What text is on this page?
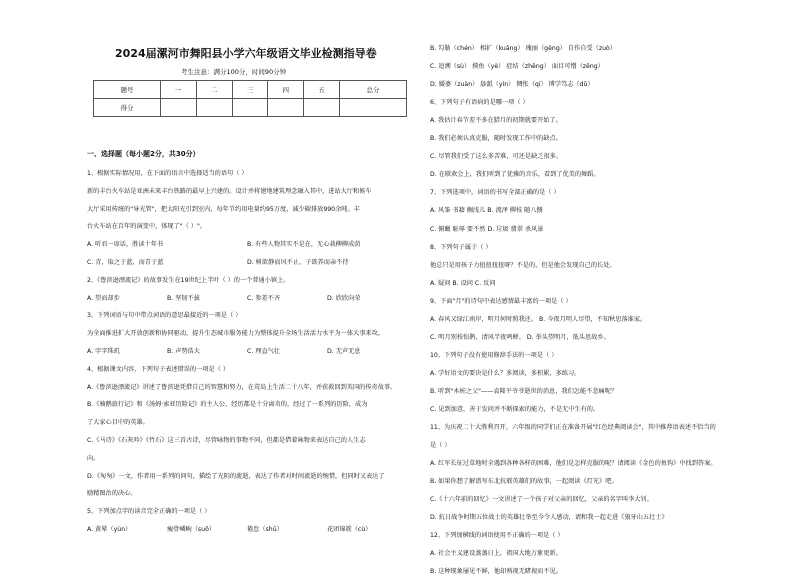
2024届漯河市舞阳县小学六年级语文毕业检测指导卷
考生注意：满分100分，时间90分钟
题号	一	二	三	四	五	总分
得分						
一、选择题（每小题2分，共30分）
1、根据实际情况用，在下面的语言中选择适当的语句（ ）
新的丰台火车站是亚洲未来丰台铁路的最早上兴建的。设计并将建地建筑理念融入其中，进站大厅和候车
大厅采用传统的"导光管"，把太阳光引到室内，每年节约用电量约95万度，减少碳排放990余吨。丰
台火车站在百年的演变中，体现了"（ ）"。
A. 听君一席话，胜读十年书	B. 有些人物其实不是在，无心栽柳柳成荫
C. 青，取之于蓝，而青于蓝	D. 树欲静而风不止，子欲养而亲不待
2、《鲁滨逊漂流记》的故事发生在19世纪上半叶（ ）的一个普通小镇上。
A. 望而却步	B. 坚韧不拔	C. 参差不齐	D. 欣欣向荣
3、下列词语与句中带点词语的意思最接近的一项是（ ）
为全面推进扩大开放创新和协同驱动，提升生态城市服务能力为整体提升全场生活活力水平为一体大事来攻。
A. 字字珠玑	B. 声势浩大	C. 理直气壮	D. 无声无息
4、根据课文内容，下列句子表述错误的一项是（ ）
A.《鲁滨逊漂流记》讲述了鲁滨逊凭借自己的智慧和努力，在荒岛上生活二十八年，并获救回到英国的传奇故事。
B.《骑鹅旅行记》和《汤姆·索亚历险记》的主人公，经历都是十分离奇的，经过了一系列的历险，成为
了大家心目中的英雄。
C.《马诗》《石灰吟》《竹石》这三首古诗，尽管咏物的事物不同，但都是借着咏物来表达自己的人生志
向。
D.《匆匆》一文，作者用一系列的问句，描绘了光阴的流逝，表达了作者对时间流逝的惋惜，但同时又表达了
励精图治的决心。
5、下列加点字的读音完全正确的一项是（ ）
A. 黄晕（yùn）	瘦骨嶙峋（suō）	倦怠（shū）	花团锦簇（cù）
B. 勾勒（chén） 相扩（kuāng） 瑰丽（gěng） 自作自受（zuò）
C. 追溯（sù） 摸鱼（yè） 症结（zhēng） 面目可憎（zēng）
D. 媛婆（zuàn） 舔舐（yín） 惆怅（qí） 博学笃志（dǔ）
6、下列句子有语病的是哪一项（ ）
A. 我估计春节差不多在腊月的初期就要开始了。
B. 我们必须认真克服，随时发现工作中的缺点。
C. 尽管我们受了这么多苦难，可还是缺乏很多。
D. 在联欢会上，我们听到了优雅的音乐，看到了优美的舞蹈。
7、下列选项中，词语的书写全部正确的是（ ）
A. 风筝 书籍 搁浅儿 B. 流泽 柳枝 随八捌
C. 俯瞰 耻辱 要不然 D. 垃圾 翡翠 杀风景
8、下列句子属于（ ）
他总只是用孩子力扭扭扭扭呀？不是的，但是他会发现自己的长处。
A. 疑问 B. 设问 C. 反问
9、下面"月"的诗句中表达感情最丰富的一项是（ ）
A. 春风又绿江南岸，明月何时照我还。 B. 今夜月明人尽望，不知秋思落谁家。
C. 明月别枝惊鹊，清风半夜鸣蝉。 D. 举头望明月，低头思故乡。
10、下列句子没有使用修辞手法的一项是（ ）
A. 学好语文的要诀是什么？多阅读，多积累，多练习。
B. 听到"木桩之父"——袁隆平爷爷逝世的消息，我们怎能不悲痛呢？
C. 见到加意，善于发问并不断探索的能力，不是无中生有的。
11、为庆祝二十大胜利召开，六年级的同学们正在准备开展"红色经典阅读会"，其中推荐语表述不恰当的
是（ ）
A. 红军长征过草地时全遇到各种各样的困难，他们是怎样克服的呢？请阅读《金色的鱼钩》中找到答案。
B. 如果你想了解谱写东北抗联英雄们的故事，一起阅读《灯光》吧。
C.《十六年前的回忆》一文讲述了一个孩子对父亲的回忆，父亲的名字叫李大钊。
D. 抗日战争时期五位战士的英雄壮举至今令人感动，请和我一起走进《狼牙山五壮士》
12、下列加横线的词语使用不正确的一项是（ ）
A. 社会主义建设蒸蒸日上，祖国大地万象更新。
B. 这种现象屡见不鲜，他却熟视无睹视而不见。
